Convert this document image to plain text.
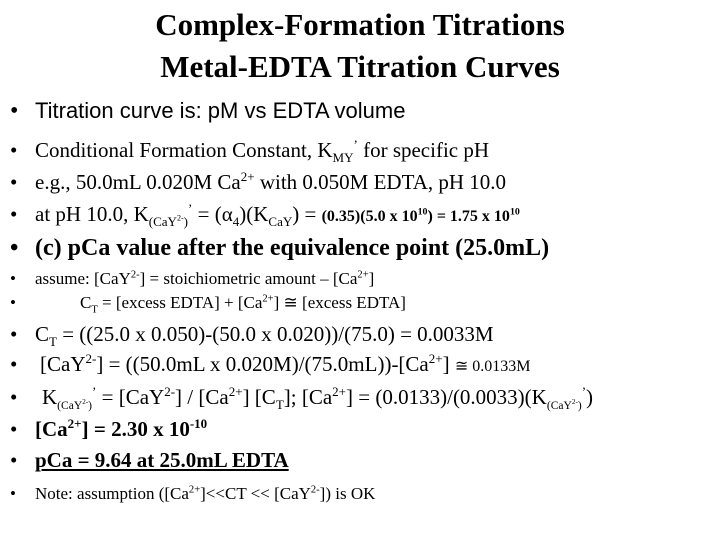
Complex-Formation Titrations
Metal-EDTA Titration Curves
• Titration curve is: pM vs EDTA volume
• Conditional Formation Constant, $K_{MY}^’$ for specific pH
• e.g., 50.0mL 0.020M $Ca^{2+}$ with 0.050M EDTA, pH 10.0
• at pH 10.0, $K_{(CaY^{2-})}^’ = (\alpha_4)(K_{CaY}) = (0.35)(5.0$ x $10^{10}) = 1.75$ x $10^{10}$
• (c) pCa value after the equivalence point (25.0mL)
• assume: [CaY$^{2-}$] = stoichiometric amount – $[Ca^{2+}]$
•	$C_T$ = [excess EDTA] + $[Ca^{2+}]$ ≅ [excess EDTA]
• $C_T = ((25.0$ x 0.050)-(50.0 x 0.020))/(75.0) = 0.0033M
• [CaY$^{2-}$] = ((50.0mL x $0.020M)/(75.0mL))-[Ca^{2+}]$ ≅ 0.0133M
• $K_{(CaY^{2-})}^’ = [CaY^{2-}] / [Ca^{2+}]$ $[C_T]$; $[Ca^{2+}] = (0.0133)/(0.0033)(K_{(CaY^{2-})}^’)$
• $[Ca^{2+}] = 2.30$ x $10^{-10}$
• pCa = 9.64 at 25.0mL EDTA
• Note: assumption $([Ca^{2+}]<<CT << [CaY^{2-}])$ is OK
